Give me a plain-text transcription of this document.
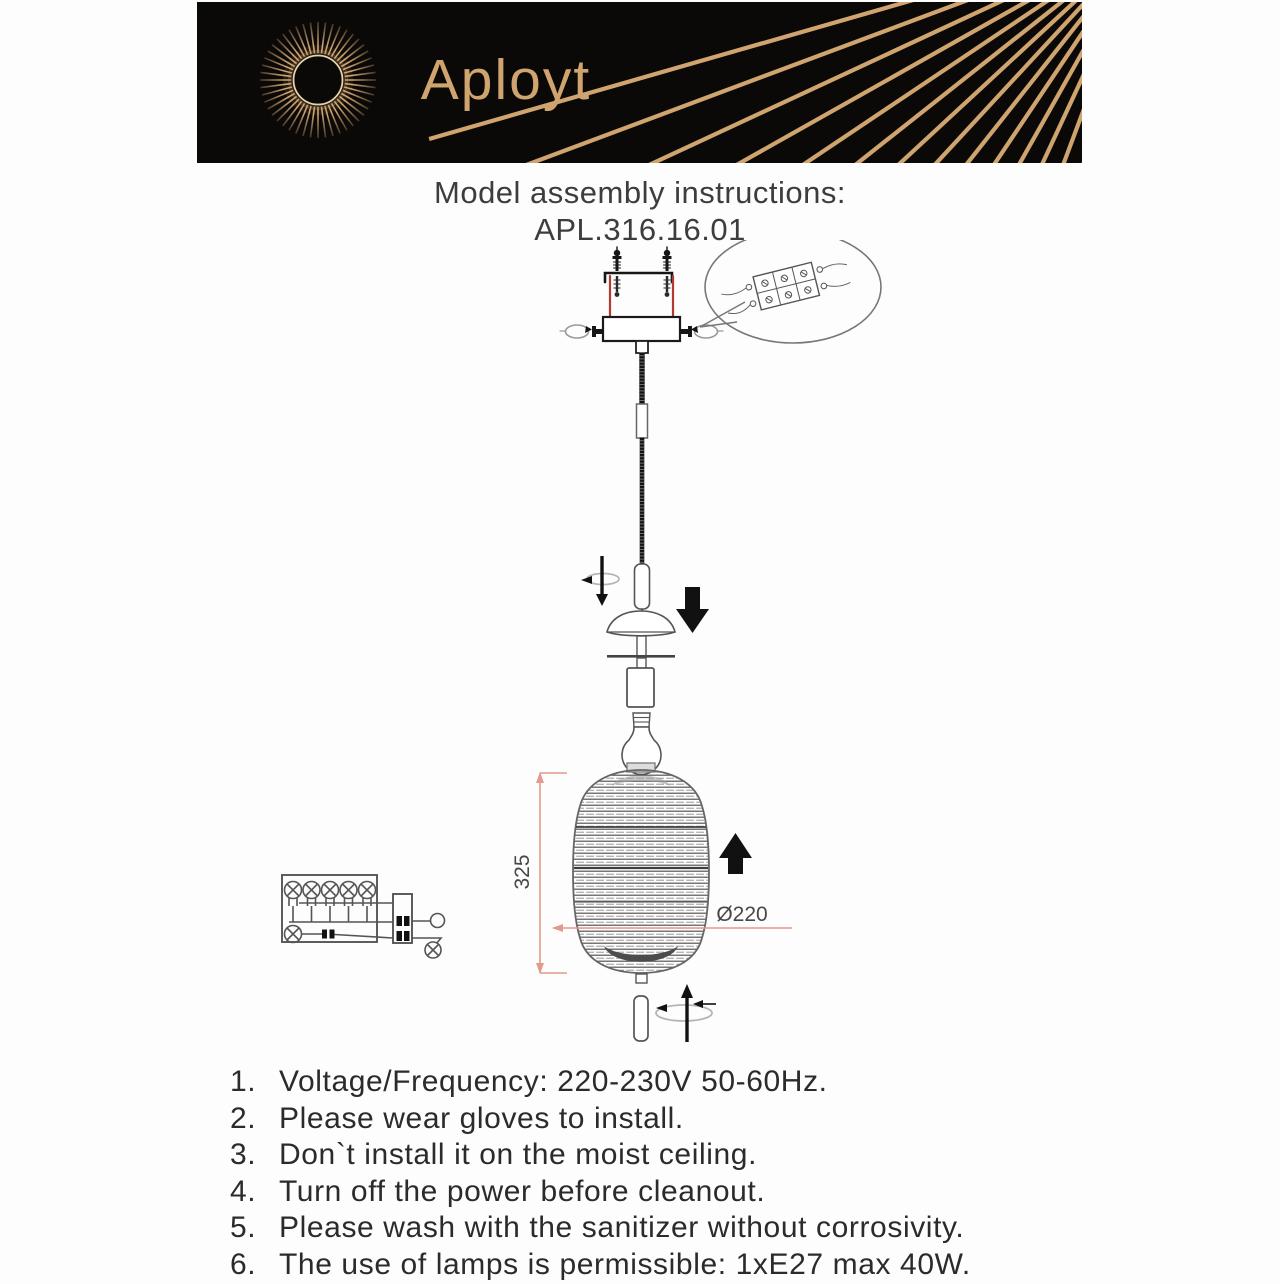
Aployt
Model assembly instructions:
APL.316.16.01
325
Ø220
1. Voltage/Frequency: 220-230V 50-60Hz.
2. Please wear gloves to install.
3. Don`t install it on the moist ceiling.
4. Turn off the power before cleanout.
5. Please wash with the sanitizer without corrosivity.
6. The use of lamps is permissible: 1xE27 max 40W.
